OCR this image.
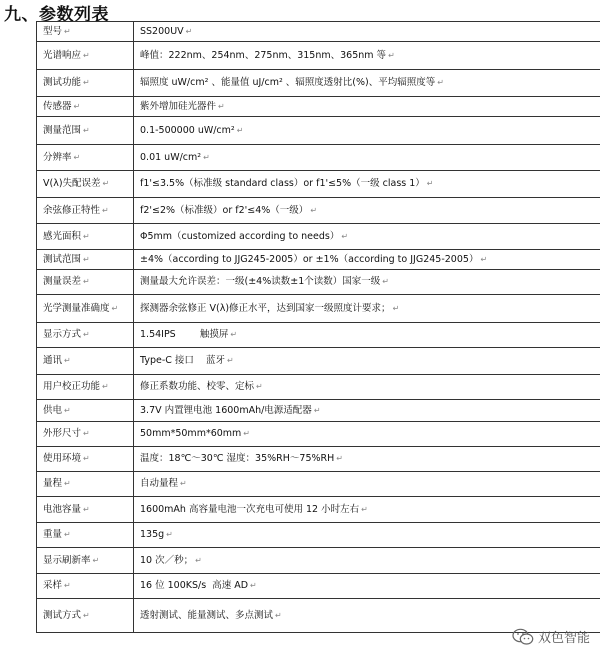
九、参数列表
型号 ↵	SS200UV ↵
光谱响应 ↵	峰值：222nm、254nm、275nm、315nm、365nm 等 ↵
测试功能 ↵	辐照度 uW/cm² 、能量值 uJ/cm² 、辐照度透射比(%)、平均辐照度等 ↵
传感器 ↵	紫外增加硅光器件 ↵
测量范围 ↵	0.1-500000 uW/cm² ↵
分辨率 ↵	0.01 uW/cm² ↵
V(λ)失配误差 ↵	f1'≤3.5%（标准级 standard class）or f1'≤5%（一级 class 1） ↵
余弦修正特性 ↵	f2'≤2%（标准级）or f2'≤4%（一级） ↵
感光面积 ↵	Φ5mm（customized according to needs） ↵
测试范围 ↵	±4%（according to JJG245-2005）or ±1%（according to JJG245-2005） ↵
测量误差 ↵	测量最大允许误差：一级(±4%读数±1个读数）国家一级 ↵
光学测量准确度 ↵	探测器余弦修正 V(λ)修正水平，达到国家一级照度计要求； ↵
显示方式 ↵	1.54IPS        触摸屏 ↵
通讯 ↵	Type-C 接口    蓝牙 ↵
用户校正功能 ↵	修正系数功能、校零、定标 ↵
供电 ↵	3.7V 内置锂电池 1600mAh/电源适配器 ↵
外形尺寸 ↵	50mm*50mm*60mm ↵
使用环境 ↵	温度：18℃～30℃ 湿度：35%RH～75%RH ↵
量程 ↵	自动量程 ↵
电池容量 ↵	1600mAh 高容量电池一次充电可使用 12 小时左右 ↵
重量 ↵	135g ↵
显示刷新率 ↵	10 次／秒； ↵
采样 ↵	16 位 100KS/s  高速 AD ↵
测试方式 ↵	透射测试、能量测试、多点测试 ↵
双色智能
